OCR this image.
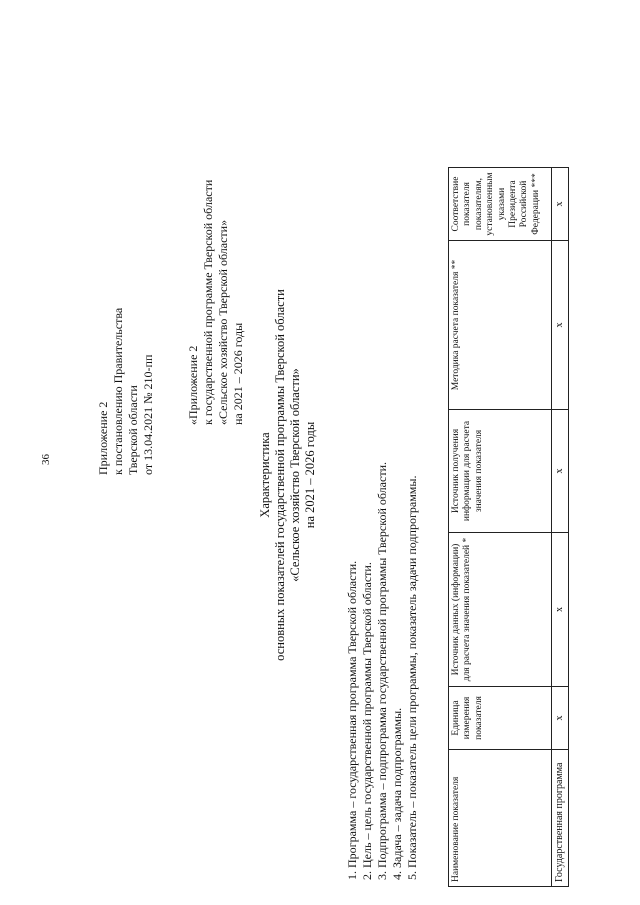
36	Приложение 2 к постановлению Правительства Тверской области от 13.04.2021 № 210-пп	«Приложение 2 к государственной программе Тверской области «Сельское хозяйство Тверской области» на 2021 – 2026 годы
Характеристика основных показателей государственной программы Тверской области «Сельское хозяйство Тверской области» на 2021 – 2026 годы
1. Программа – государственная программа Тверской области. 2. Цель – цель государственной программы Тверской области. 3. Подпрограмма – подпрограмма государственной программы Тверской области. 4. Задача – задача подпрограммы. 5. Показатель – показатель цели программы, показатель задачи подпрограммы.	Наименование показателя	Единица измерения показателя	Источник данных (информации) для расчета значения показателей *	Источник получения информации для расчета значения показателя	Методика расчета показателя **	Соответствие показателя показателям, установленным указами Президента Российской Федерации ***
Государственная программа	х	х	х	х	х
